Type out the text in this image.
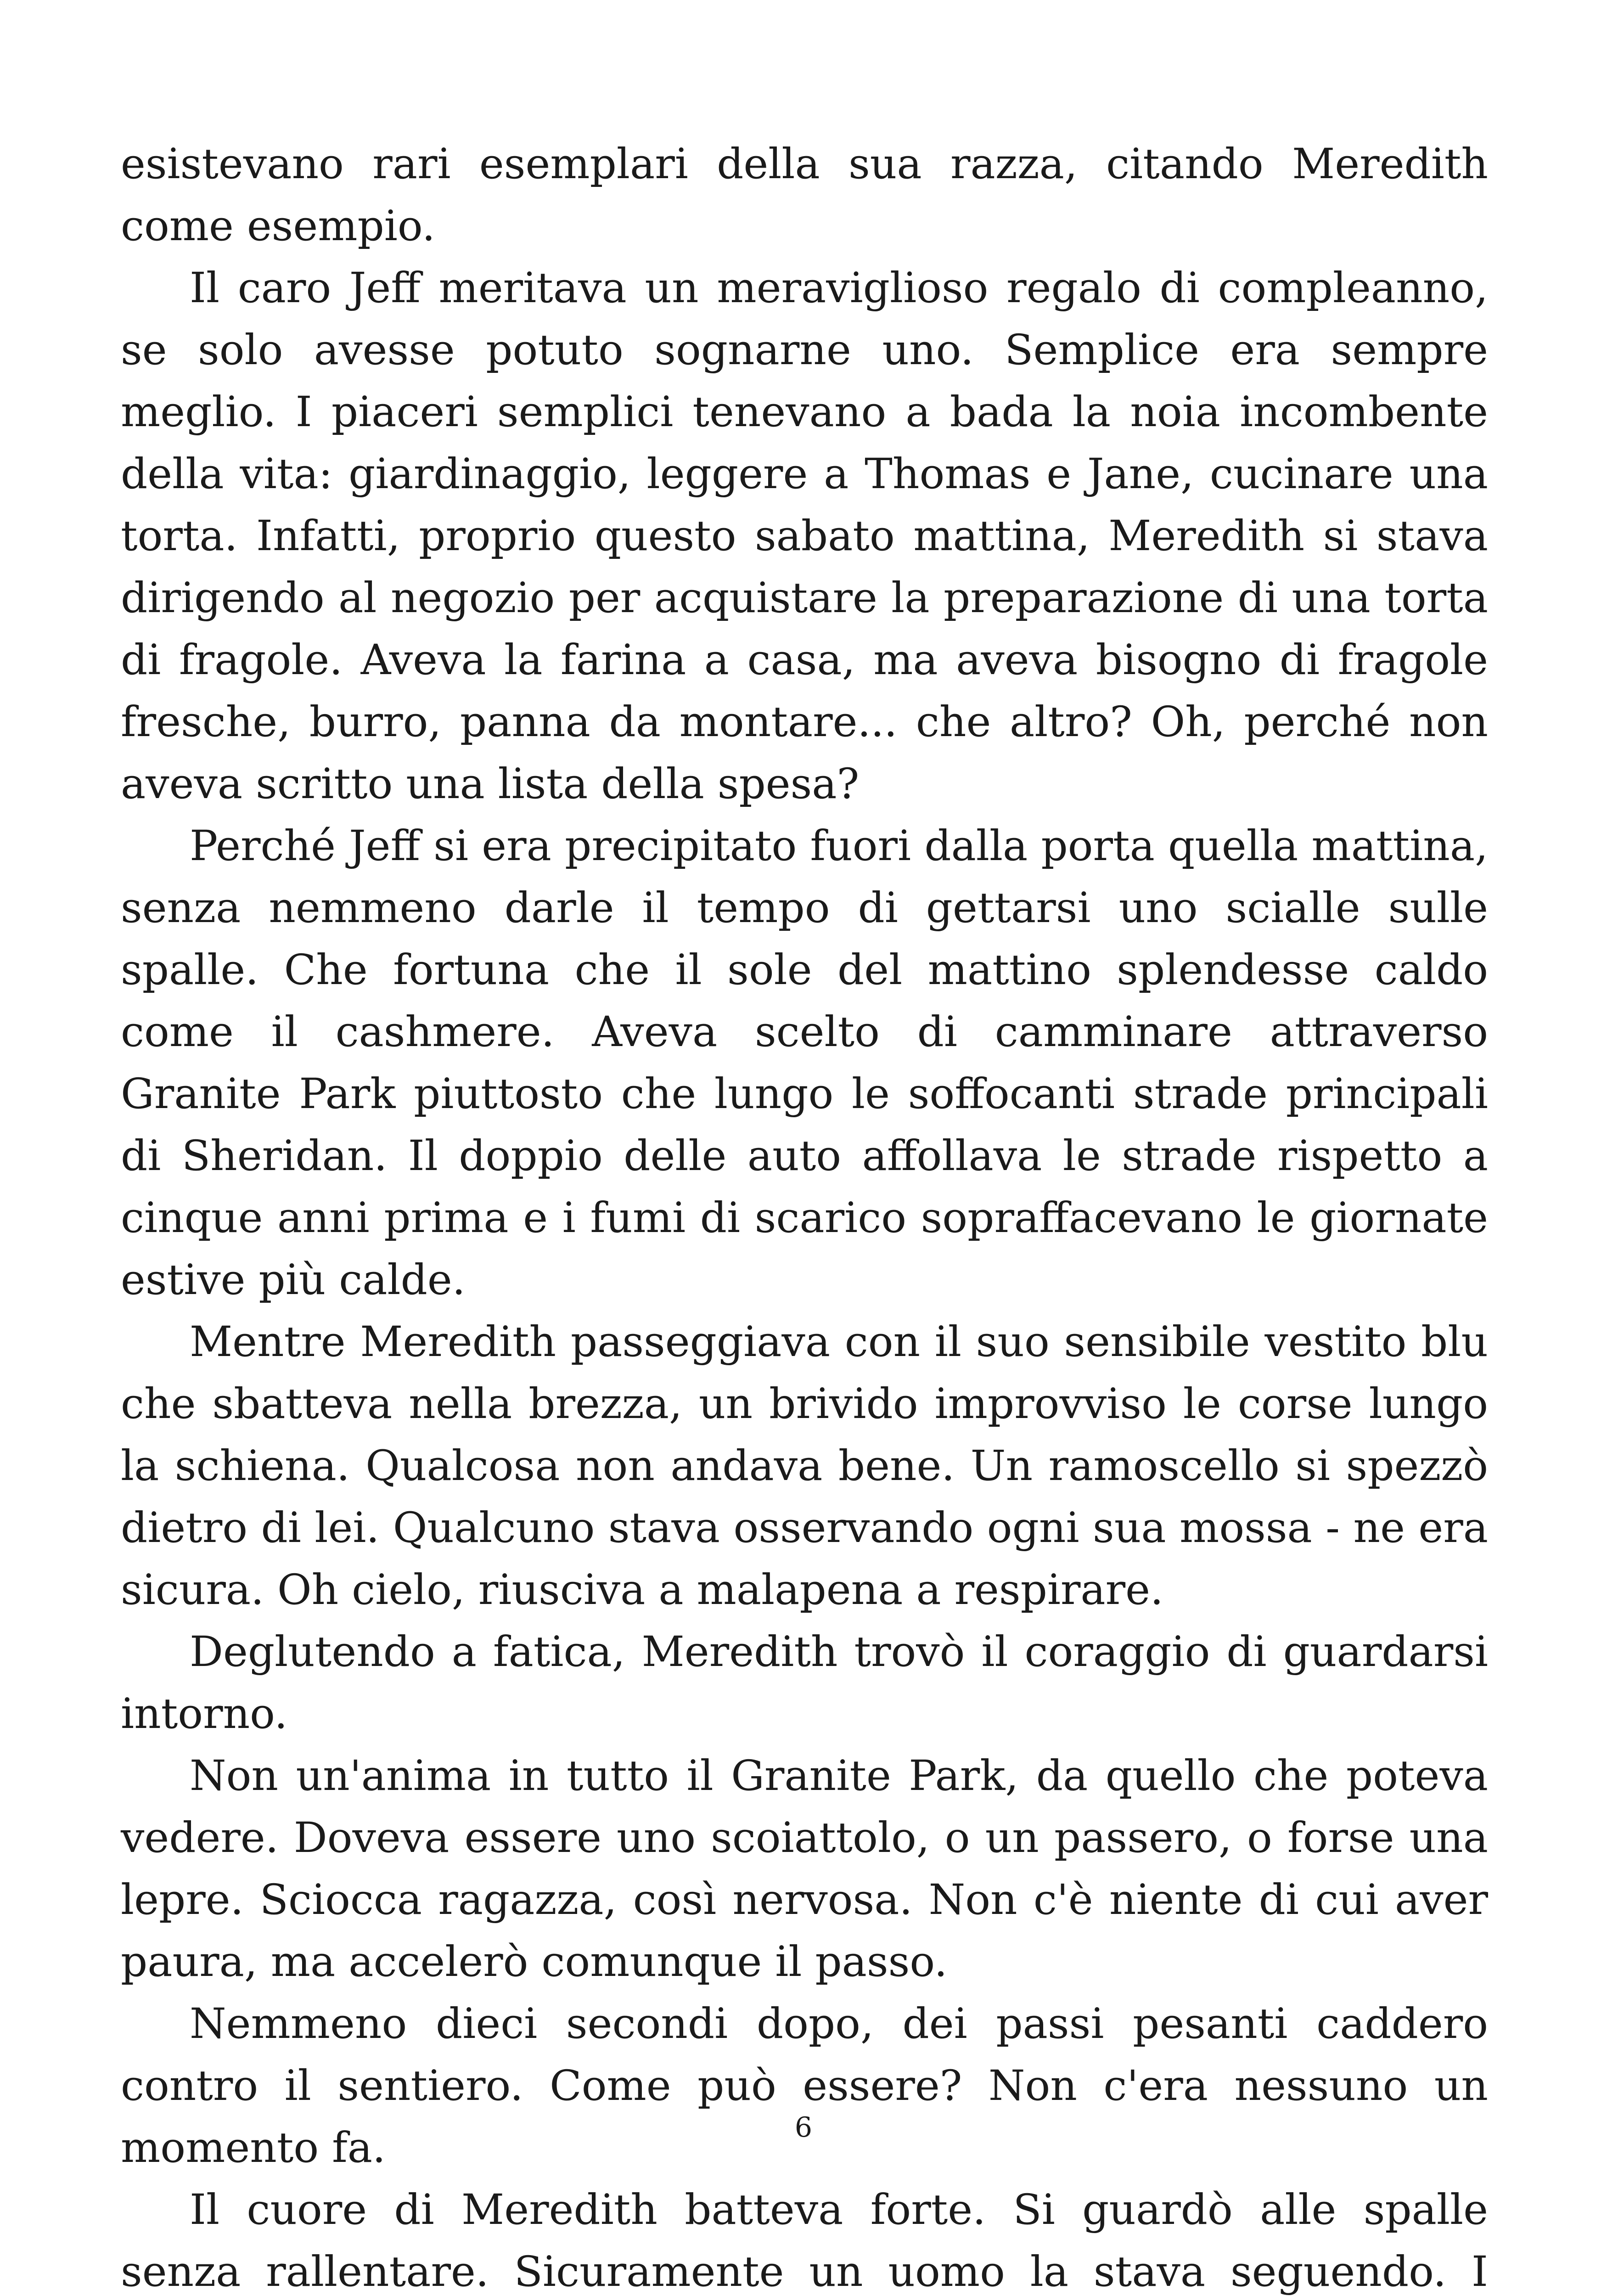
esistevano rari esemplari della sua razza, citando Meredith come esempio.

Il caro Jeff meritava un meraviglioso regalo di compleanno, se solo avesse potuto sognarne uno. Semplice era sempre meglio. I piaceri semplici tenevano a bada la noia incombente della vita: giardinaggio, leggere a Thomas e Jane, cucinare una torta. Infatti, proprio questo sabato mattina, Meredith si stava dirigendo al negozio per acquistare la preparazione di una torta di fragole. Aveva la farina a casa, ma aveva bisogno di fragole fresche, burro, panna da montare... che altro? Oh, perché non aveva scritto una lista della spesa?

Perché Jeff si era precipitato fuori dalla porta quella mattina, senza nemmeno darle il tempo di gettarsi uno scialle sulle spalle. Che fortuna che il sole del mattino splendesse caldo come il cashmere. Aveva scelto di camminare attraverso Granite Park piuttosto che lungo le soffocanti strade principali di Sheridan. Il doppio delle auto affollava le strade rispetto a cinque anni prima e i fumi di scarico sopraffacevano le giornate estive più calde.

Mentre Meredith passeggiava con il suo sensibile vestito blu che sbatteva nella brezza, un brivido improvviso le corse lungo la schiena. Qualcosa non andava bene. Un ramoscello si spezzò dietro di lei. Qualcuno stava osservando ogni sua mossa - ne era sicura. Oh cielo, riusciva a malapena a respirare.

Deglutendo a fatica, Meredith trovò il coraggio di guardarsi intorno.

Non un'anima in tutto il Granite Park, da quello che poteva vedere. Doveva essere uno scoiattolo, o un passero, o forse una lepre. Sciocca ragazza, così nervosa. Non c'è niente di cui aver paura, ma accelerò comunque il passo.

Nemmeno dieci secondi dopo, dei passi pesanti caddero contro il sentiero. Come può essere? Non c'era nessuno un momento fa.

Il cuore di Meredith batteva forte. Si guardò alle spalle senza rallentare. Sicuramente un uomo la stava seguendo. I

6
